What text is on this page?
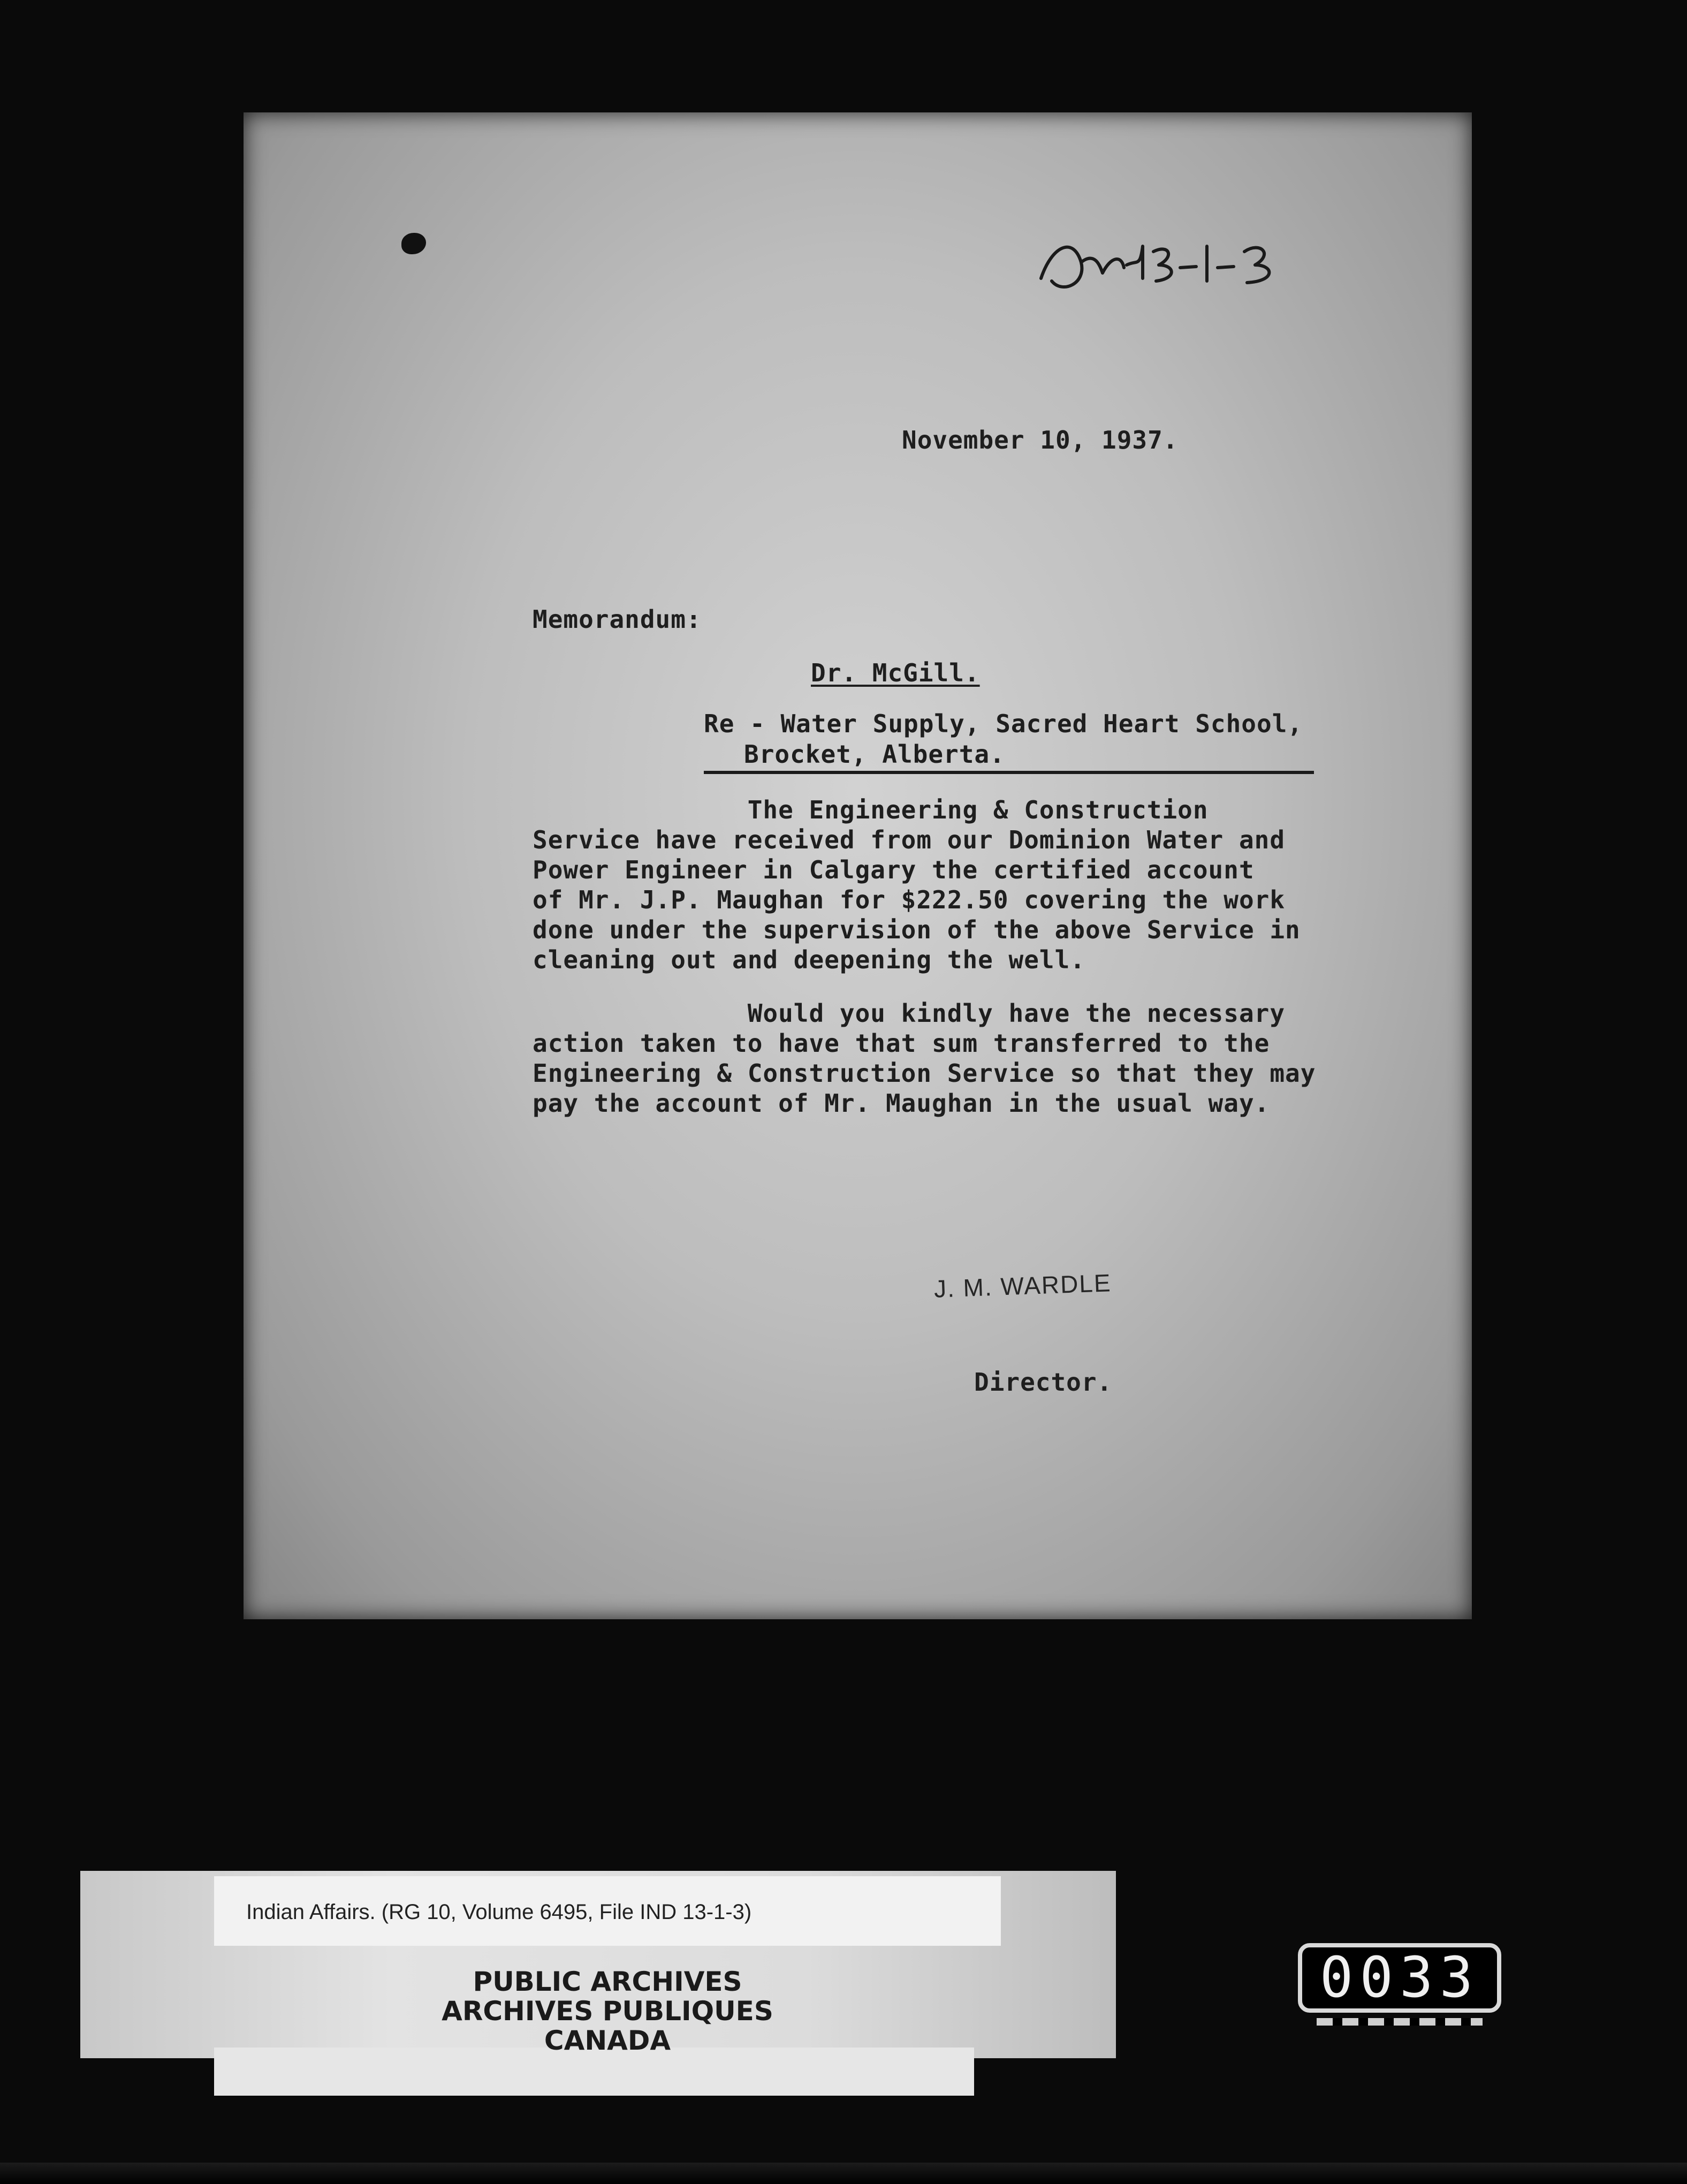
November 10, 1937.
Memorandum:
Dr. McGill.
Re - Water Supply, Sacred Heart School,
Brocket, Alberta.
The Engineering & Construction
Service have received from our Dominion Water and
Power Engineer in Calgary the certified account
of Mr. J.P. Maughan for $222.50 covering the work
done under the supervision of the above Service in
cleaning out and deepening the well.
Would you kindly have the necessary
action taken to have that sum transferred to the
Engineering & Construction Service so that they may
pay the account of Mr. Maughan in the usual way.
J. M. WARDLE
Director.
Indian Affairs. (RG 10, Volume 6495, File IND 13-1-3)
PUBLIC ARCHIVES
ARCHIVES PUBLIQUES
CANADA
0033
